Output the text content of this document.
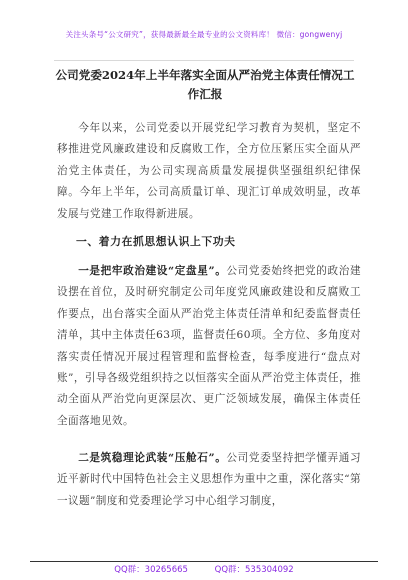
关注头条号“公文研究”，获得最新最全最专业的公文资料库！ 微信：gongwenyj
公司党委2024年上半年落实全面从严治党主体责任情况工作汇报
今年以来，公司党委以开展党纪学习教育为契机，坚定不移推进党风廉政建设和反腐败工作，全方位压紧压实全面从严治党主体责任，为公司实现高质量发展提供坚强组织纪律保障。今年上半年，公司高质量订单、现汇订单成效明显，改革发展与党建工作取得新进展。
一、着力在抓思想认识上下功夫
一是把牢政治建设“定盘星”。公司党委始终把党的政治建设摆在首位，及时研究制定公司年度党风廉政建设和反腐败工作要点，出台落实全面从严治党主体责任清单和纪委监督责任清单，其中主体责任63项，监督责任60项。全方位、多角度对落实责任情况开展过程管理和监督检查，每季度进行“盘点对账”，引导各级党组织持之以恒落实全面从严治党主体责任，推动全面从严治党向更深层次、更广泛领域发展，确保主体责任全面落地见效。
二是筑稳理论武装“压舱石”。公司党委坚持把学懂弄通习近平新时代中国特色社会主义思想作为重中之重，深化落实“第一议题”制度和党委理论学习中心组学习制度，
QQ群：30265665	QQ群：535304092
